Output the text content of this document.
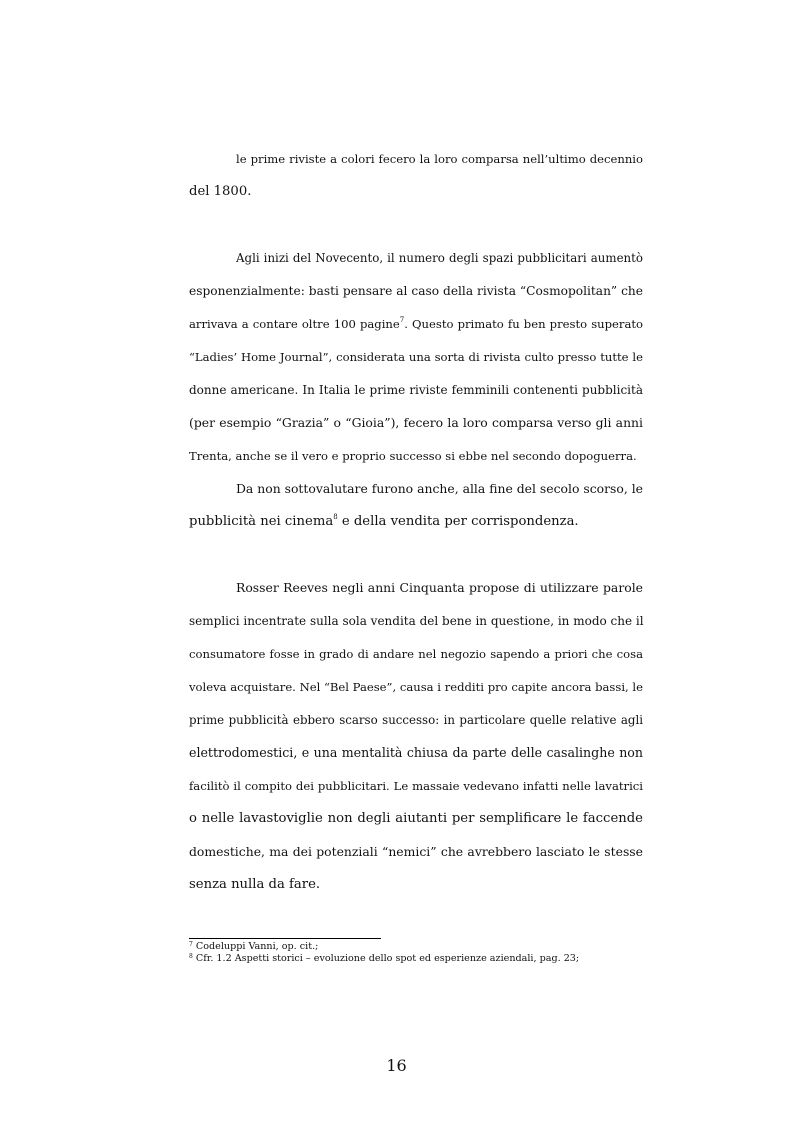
le prime riviste a colori fecero la loro comparsa nell’ultimo decennio
del 1800.
Agli inizi del Novecento, il numero degli spazi pubblicitari aumentò
esponenzialmente: basti pensare al caso della rivista “Cosmopolitan” che
arrivava a contare oltre 100 pagine$^7$. Questo primato fu ben presto superato
“Ladies’ Home Journal”, considerata una sorta di rivista culto presso tutte le
donne americane. In Italia le prime riviste femminili contenenti pubblicità
(per esempio “Grazia” o “Gioia”), fecero la loro comparsa verso gli anni
Trenta, anche se il vero e proprio successo si ebbe nel secondo dopoguerra.
Da non sottovalutare furono anche, alla fine del secolo scorso, le
pubblicità nei cinema$^8$ e della vendita per corrispondenza.
Rosser Reeves negli anni Cinquanta propose di utilizzare parole
semplici incentrate sulla sola vendita del bene in questione, in modo che il
consumatore fosse in grado di andare nel negozio sapendo a priori che cosa
voleva acquistare. Nel “Bel Paese”, causa i redditi pro capite ancora bassi, le
prime pubblicità ebbero scarso successo: in particolare quelle relative agli
elettrodomestici, e una mentalità chiusa da parte delle casalinghe non
facilitò il compito dei pubblicitari. Le massaie vedevano infatti nelle lavatrici
o nelle lavastoviglie non degli aiutanti per semplificare le faccende
domestiche, ma dei potenziali “nemici” che avrebbero lasciato le stesse
senza nulla da fare.
$^7$ Codeluppi Vanni, op. cit.;
$^8$ Cfr. 1.2 Aspetti storici – evoluzione dello spot ed esperienze aziendali, pag. 23;
16
